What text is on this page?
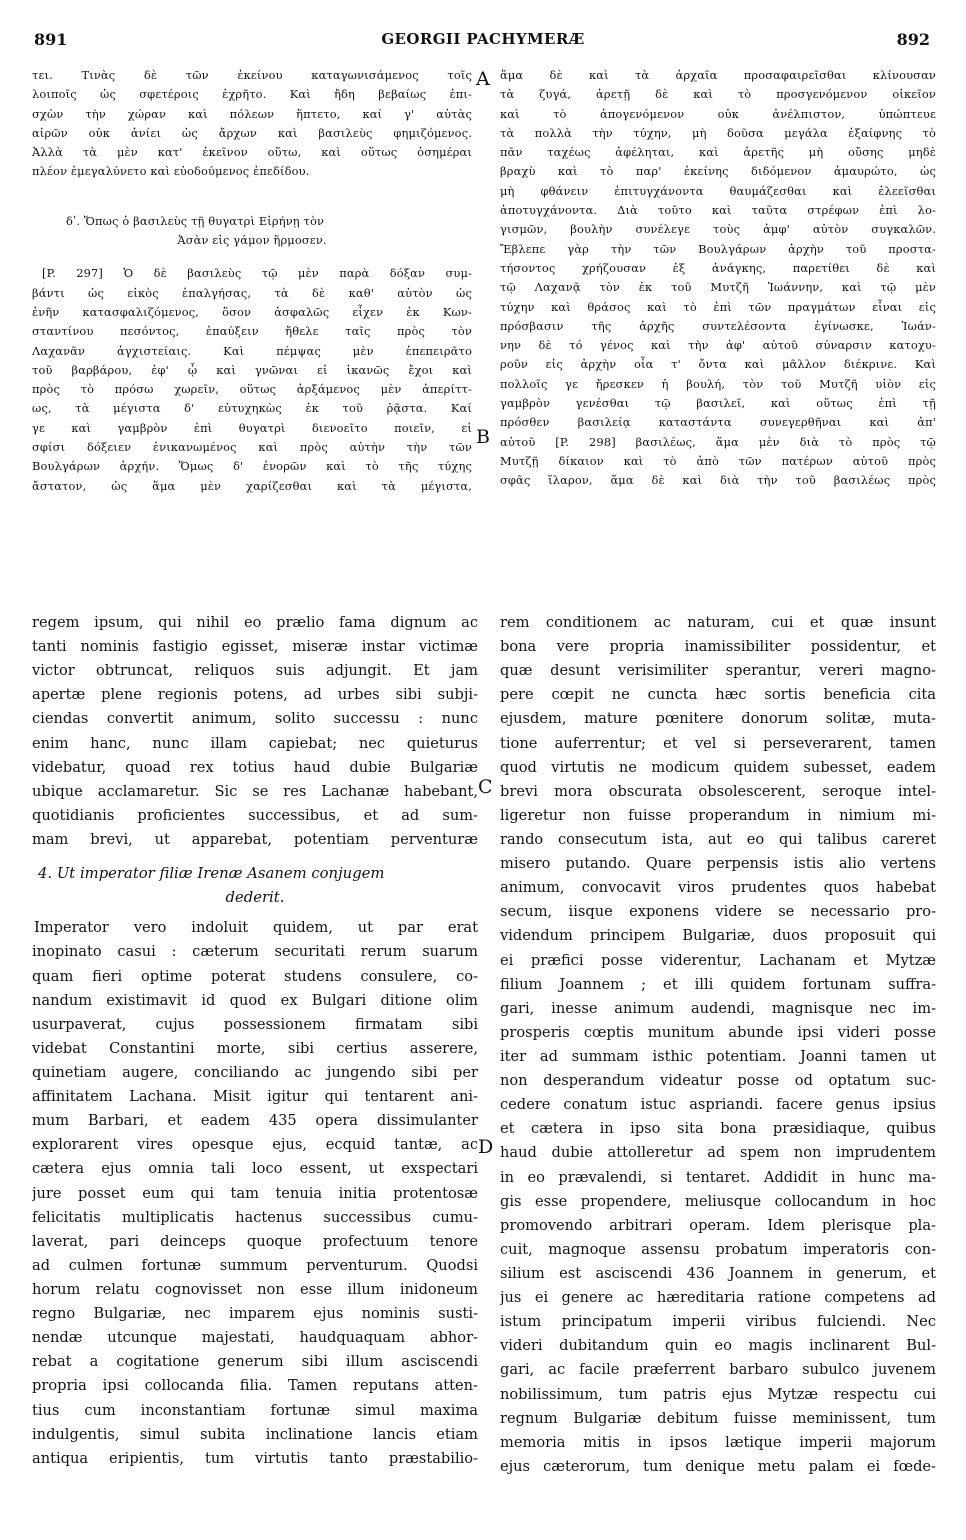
891	GEORGII PACHYMERÆ	892
A
B
C
D
τει. Τινὰς δὲ τῶν ἐκείνου καταγωνισάμενος τοῖς
λοιποῖς ὡς σφετέροις ἐχρῆτο. Καὶ ἤδη βεβαίως ἐπι-
σχὼν τὴν χώραν καὶ πόλεων ἥπτετο, καί γ' αὐτὰς
αἱρῶν οὐκ ἀνίει ὡς ἄρχων καὶ βασιλεὺς φημιζόμενος.
Ἀλλὰ τὰ μὲν κατ' ἐκεῖνον οὕτω, καὶ οὕτως ὁσημέραι
πλέον ἐμεγαλύνετο καὶ εὐοδούμενος ἐπεδίδου.
δʹ. Ὅπως ὁ βασιλεὺς τῇ θυγατρὶ Εἰρήνῃ τὸν
Ἀσὰν εἰς γάμον ἥρμοσεν.
[P. 297] Ὁ δὲ βασιλεὺς τῷ μὲν παρὰ δόξαν συμ-
βάντι ὡς εἰκὸς ἐπαλγήσας, τὰ δὲ καθ' αὐτὸν ὡς
ἐνῆν κατασφαλιζόμενος, ὅσον ἀσφαλῶς εἶχεν ἐκ Κων-
σταντίνου πεσόντος, ἐπαύξειν ἤθελε ταῖς πρὸς τὸν
Λαχανᾶν ἀγχιστείαις. Καὶ πέμψας μὲν ἐπεπειρᾶτο
τοῦ βαρβάρου, ἐφ' ᾧ καὶ γνῶναι εἰ ἱκανῶς ἔχοι καὶ
πρὸς τὸ πρόσω χωρεῖν, οὕτως ἀρξάμενος μὲν ἀπερίττ-
ως, τὰ μέγιστα δ' εὐτυχηκὼς ἐκ τοῦ ῥᾷστα. Καί
γε καὶ γαμβρὸν ἐπὶ θυγατρὶ διενοεῖτο ποιεῖν, εἰ
σφίσι δόξειεν ἐνικανωμένος καὶ πρὸς αὐτὴν τὴν τῶν
Βουλγάρων ἀρχήν. Ὅμως δ' ἐνορῶν καὶ τὸ τῆς τύχης
ἄστατον, ὡς ἅμα μὲν χαρίζεσθαι καὶ τὰ μέγιστα,
ἅμα δὲ καὶ τὰ ἀρχαῖα προσαφαιρεῖσθαι κλίνουσαν
τὰ ζυγά, ἀρετῇ δὲ καὶ τὸ προσγενόμενον οἰκεῖον
καὶ τὸ ἀπογενόμενον οὐκ ἀνέλπιστον, ὑπώπτευε
τὰ πολλὰ τὴν τύχην, μὴ δοῦσα μεγάλα ἐξαίφνης τὸ
πᾶν ταχέως ἀφέληται, καὶ ἀρετῆς μὴ οὔσης μηδὲ
βραχὺ καὶ τὸ παρ' ἐκείνης διδόμενον ἀμαυρώτο, ὡς
μὴ φθάνειν ἐπιτυγχάνοντα θαυμάζεσθαι καὶ ἐλεεῖσθαι
ἀποτυγχάνοντα. Διὰ τοῦτο καὶ ταῦτα στρέφων ἐπὶ λο-
γισμῶν, βουλὴν συνέλεγε τοὺς ἀμφ' αὐτὸν συγκαλῶν.
Ἔβλεπε γὰρ τὴν τῶν Βουλγάρων ἀρχὴν τοῦ προστα-
τήσοντος χρήζουσαν ἐξ ἀνάγκης, παρετίθει δὲ καὶ
τῷ Λαχανᾷ τὸν ἐκ τοῦ Μυτζῆ Ἰωάννην, καὶ τῷ μὲν
τύχην καὶ θράσος καὶ τὸ ἐπὶ τῶν πραγμάτων εἶναι εἰς
πρόσβασιν τῆς ἀρχῆς συντελέσοντα ἐγίνωσκε, Ἰωάν-
νην δὲ τό γένος καὶ τὴν ἀφ' αὐτοῦ σύναρσιν κατοχυ-
ροῦν εἰς ἀρχὴν οἷα τ' ὄντα καὶ μᾶλλον διέκρινε. Καὶ
πολλοῖς γε ἤρεσκεν ἡ βουλή, τὸν τοῦ Μυτζῆ υἱὸν εἰς
γαμβρὸν γενέσθαι τῷ βασιλεῖ, καὶ οὕτως ἐπὶ τῇ
πρόσθεν βασιλείᾳ καταστάντα συνεγερθῆναι καὶ ἀπ'
αὐτοῦ [P. 298] βασιλέως, ἅμα μὲν διὰ τὸ πρὸς τῷ
Μυτζῇ δίκαιον καὶ τὸ ἀπὸ τῶν πατέρων αὐτοῦ πρὸς
σφᾶς ἵλαρον, ἅμα δὲ καὶ διὰ τὴν τοῦ βασιλέως πρὸς
regem ipsum, qui nihil eo prælio fama dignum ac
tanti nominis fastigio egisset, miseræ instar victimæ
victor obtruncat, reliquos suis adjungit. Et jam
apertæ plene regionis potens, ad urbes sibi subji-
ciendas convertit animum, solito successu : nunc
enim hanc, nunc illam capiebat; nec quieturus
videbatur, quoad rex totius haud dubie Bulgariæ
ubique acclamaretur. Sic se res Lachanæ habebant,
quotidianis proficientes successibus, et ad sum-
mam brevi, ut apparebat, potentiam perventuræ
4. Ut imperator filiæ Irenæ Asanem conjugem
dederit.
Imperator vero indoluit quidem, ut par erat
inopinato casui : cæterum securitati rerum suarum
quam fieri optime poterat studens consulere, co-
nandum existimavit id quod ex Bulgari ditione olim
usurpaverat, cujus possessionem firmatam sibi
videbat Constantini morte, sibi certius asserere,
quinetiam augere, conciliando ac jungendo sibi per
affinitatem Lachana. Misit igitur qui tentarent ani-
mum Barbari, et eadem 435 opera dissimulanter
explorarent vires opesque ejus, ecquid tantæ, ac
cætera ejus omnia tali loco essent, ut exspectari
jure posset eum qui tam tenuia initia protentosæ
felicitatis multiplicatis hactenus successibus cumu-
laverat, pari deinceps quoque profectuum tenore
ad culmen fortunæ summum perventurum. Quodsi
horum relatu cognovisset non esse illum inidoneum
regno Bulgariæ, nec imparem ejus nominis susti-
nendæ utcunque majestati, haudquaquam abhor-
rebat a cogitatione generum sibi illum asciscendi
propria ipsi collocanda filia. Tamen reputans atten-
tius cum inconstantiam fortunæ simul maxima
indulgentis, simul subita inclinatione lancis etiam
antiqua eripientis, tum virtutis tanto præstabilio-
rem conditionem ac naturam, cui et quæ insunt
bona vere propria inamissibiliter possidentur, et
quæ desunt verisimiliter sperantur, vereri magno-
pere cœpit ne cuncta hæc sortis beneficia cita
ejusdem, mature pœnitere donorum solitæ, muta-
tione auferrentur; et vel si perseverarent, tamen
quod virtutis ne modicum quidem subesset, eadem
brevi mora obscurata obsolescerent, seroque intel-
ligeretur non fuisse properandum in nimium mi-
rando consecutum ista, aut eo qui talibus careret
misero putando. Quare perpensis istis alio vertens
animum, convocavit viros prudentes quos habebat
secum, iisque exponens videre se necessario pro-
videndum principem Bulgariæ, duos proposuit qui
ei præfici posse viderentur, Lachanam et Mytzæ
filium Joannem ; et illi quidem fortunam suffra-
gari, inesse animum audendi, magnisque nec im-
prosperis cœptis munitum abunde ipsi videri posse
iter ad summam isthic potentiam. Joanni tamen ut
non desperandum videatur posse od optatum suc-
cedere conatum istuc aspriandi. facere genus ipsius
et cætera in ipso sita bona præsidiaque, quibus
haud dubie attolleretur ad spem non imprudentem
in eo prævalendi, si tentaret. Addidit in hunc ma-
gis esse propendere, meliusque collocandum in hoc
promovendo arbitrari operam. Idem plerisque pla-
cuit, magnoque assensu probatum imperatoris con-
silium est asciscendi 436 Joannem in generum, et
jus ei genere ac hæreditaria ratione competens ad
istum principatum imperii viribus fulciendi. Nec
videri dubitandum quin eo magis inclinarent Bul-
gari, ac facile præferrent barbaro subulco juvenem
nobilissimum, tum patris ejus Mytzæ respectu cui
regnum Bulgariæ debitum fuisse meminissent, tum
memoria mitis in ipsos lætique imperii majorum
ejus cæterorum, tum denique metu palam ei fœde-
